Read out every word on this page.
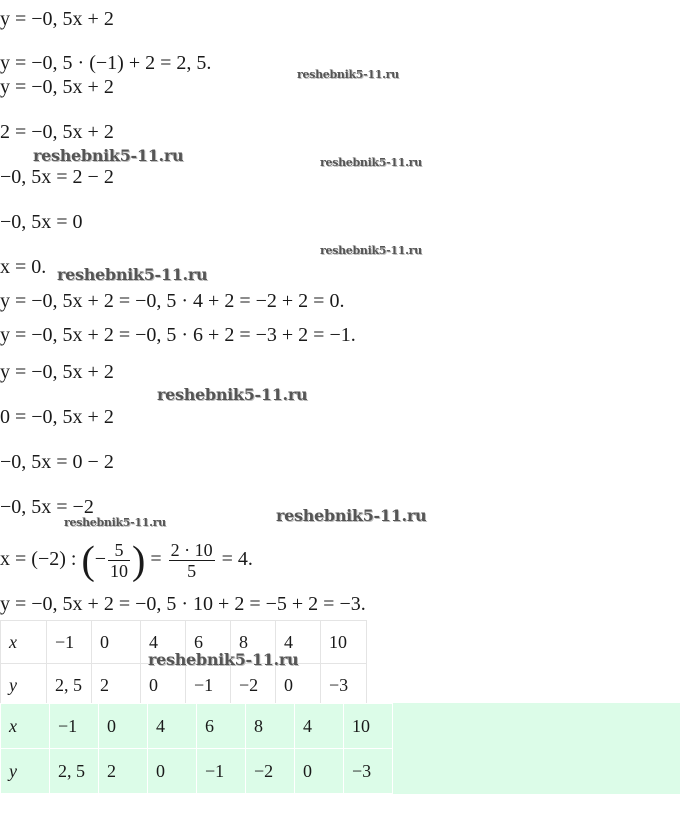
y = −0, 5x + 2
y = −0, 5 · (−1) + 2 = 2, 5.
y = −0, 5x + 2
2 = −0, 5x + 2
−0, 5x = 2 − 2
−0, 5x = 0
x = 0.
y = −0, 5x + 2 = −0, 5 · 4 + 2 = −2 + 2 = 0.
y = −0, 5x + 2 = −0, 5 · 6 + 2 = −3 + 2 = −1.
y = −0, 5x + 2
0 = −0, 5x + 2
−0, 5x = 0 − 2
−0, 5x = −2
x = (−2) : (− $\frac{5}{10}$ ) = $\frac{2 \cdot 10}{5} = 4$.
y = −0, 5x + 2 = −0, 5 · 10 + 2 = −5 + 2 = −3.
x	−1	0	4	6	8	4	10
y	2, 5	2	0	−1	−2	0	−3
x	−1	0	4	6	8	4	10	
y	2, 5	2	0	−1	−2	0	−3	
reshebnik5-11.ru
reshebnik5-11.ru	reshebnik5-11.ru
reshebnik5-11.ru
reshebnik5-11.ru
reshebnik5-11.ru
reshebnik5-11.ru
reshebnik5-11.ru
reshebnik5-11.ru
